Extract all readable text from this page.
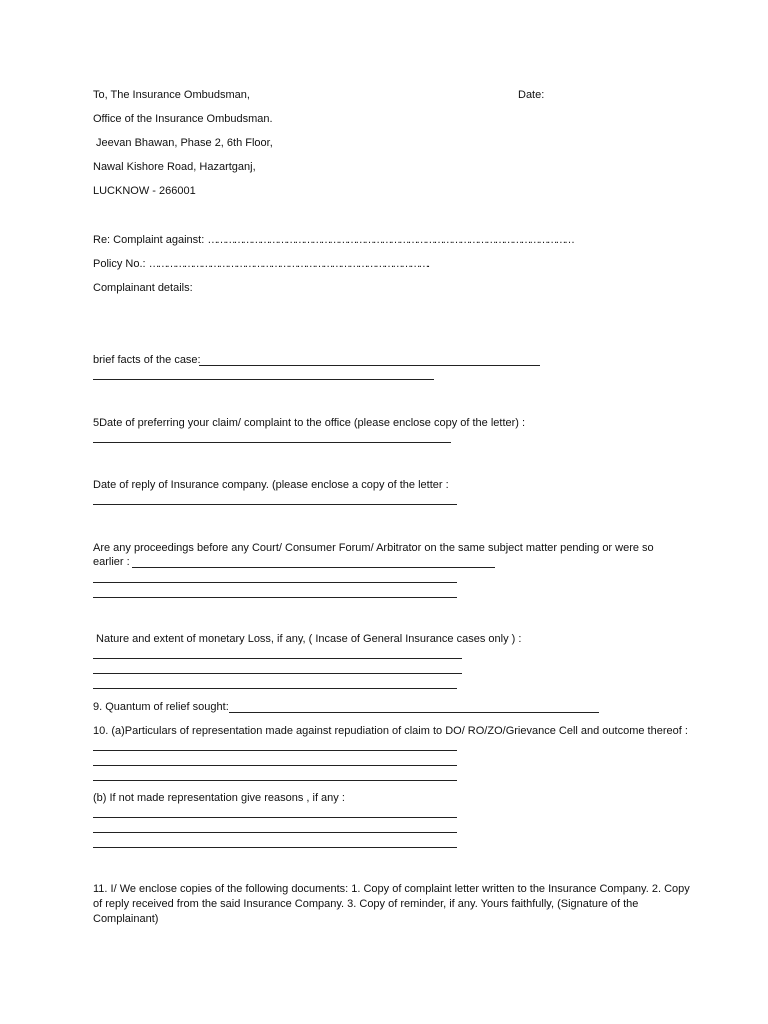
To, The Insurance Ombudsman,	Date:
Office of the Insurance Ombudsman.
Jeevan Bhawan, Phase 2, 6th Floor,
Nawal Kishore Road, Hazartganj,
LUCKNOW - 266001
Re: Complaint against: ………………………………………………………………………………………………………………
Policy No.: …………………………………………………………………………………….
Complainant details:
brief facts of the case:
5Date of preferring your claim/ complaint to the office (please enclose copy of the letter) :
Date of reply of Insurance company. (please enclose a copy of the letter :
Are any proceedings before any Court/ Consumer Forum/ Arbitrator on the same subject matter pending or were so
earlier :
Nature and extent of monetary Loss, if any, ( Incase of General Insurance cases only ) :
9. Quantum of relief sought:
10. (a)Particulars of representation made against repudiation of claim to DO/ RO/ZO/Grievance Cell and outcome thereof :
(b) If not made representation give reasons , if any :
11. I/ We enclose copies of the following documents: 1. Copy of complaint letter written to the Insurance Company. 2. Copy
of reply received from the said Insurance Company. 3. Copy of reminder, if any. Yours faithfully, (Signature of the
Complainant)
